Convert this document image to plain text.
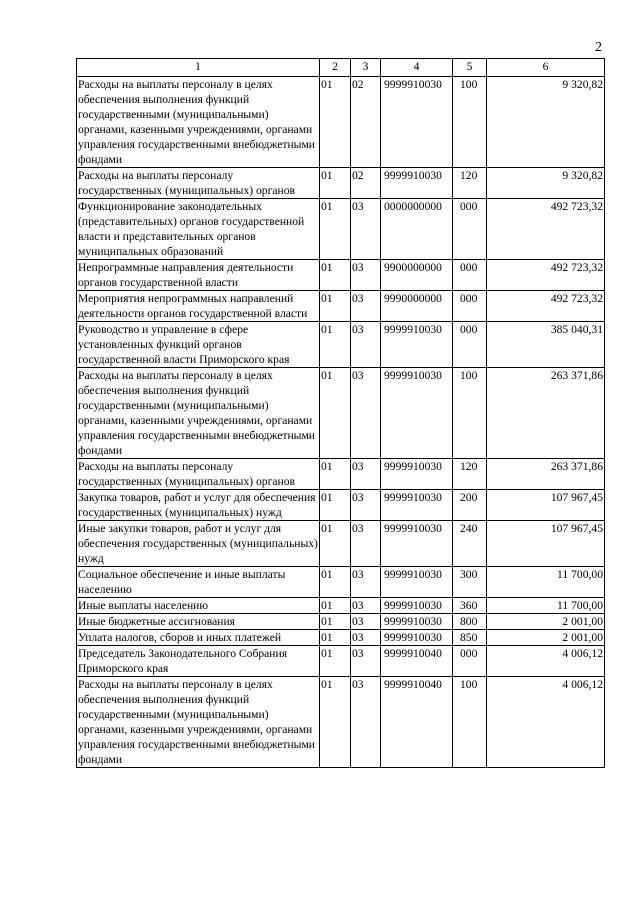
2
1	2	3	4	5	6
Расходы на выплаты персоналу в целях обеспечения выполнения функций государственными (муниципальными) органами, казенными учреждениями, органами управления государственными внебюджетными фондами	01	02	9999910030	100	9 320,82
Расходы на выплаты персоналу государственных (муниципальных) органов	01	02	9999910030	120	9 320,82
Функционирование законодательных (представительных) органов государственной власти и представительных органов муниципальных образований	01	03	0000000000	000	492 723,32
Непрограммные направления деятельности органов государственной власти	01	03	9900000000	000	492 723,32
Мероприятия непрограммных направлений деятельности органов государственной власти	01	03	9990000000	000	492 723,32
Руководство и управление в сфере установленных функций органов государственной власти Приморского края	01	03	9999910030	000	385 040,31
Расходы на выплаты персоналу в целях обеспечения выполнения функций государственными (муниципальными) органами, казенными учреждениями, органами управления государственными внебюджетными фондами	01	03	9999910030	100	263 371,86
Расходы на выплаты персоналу государственных (муниципальных) органов	01	03	9999910030	120	263 371,86
Закупка товаров, работ и услуг для обеспечения государственных (муниципальных) нужд	01	03	9999910030	200	107 967,45
Иные закупки товаров, работ и услуг для обеспечения государственных (муниципальных) нужд	01	03	9999910030	240	107 967,45
Социальное обеспечение и иные выплаты населению	01	03	9999910030	300	11 700,00
Иные выплаты населению	01	03	9999910030	360	11 700,00
Иные бюджетные ассигнования	01	03	9999910030	800	2 001,00
Уплата налогов, сборов и иных платежей	01	03	9999910030	850	2 001,00
Председатель Законодательного Собрания Приморского края	01	03	9999910040	000	4 006,12
Расходы на выплаты персоналу в целях обеспечения выполнения функций государственными (муниципальными) органами, казенными учреждениями, органами управления государственными внебюджетными фондами	01	03	9999910040	100	4 006,12
